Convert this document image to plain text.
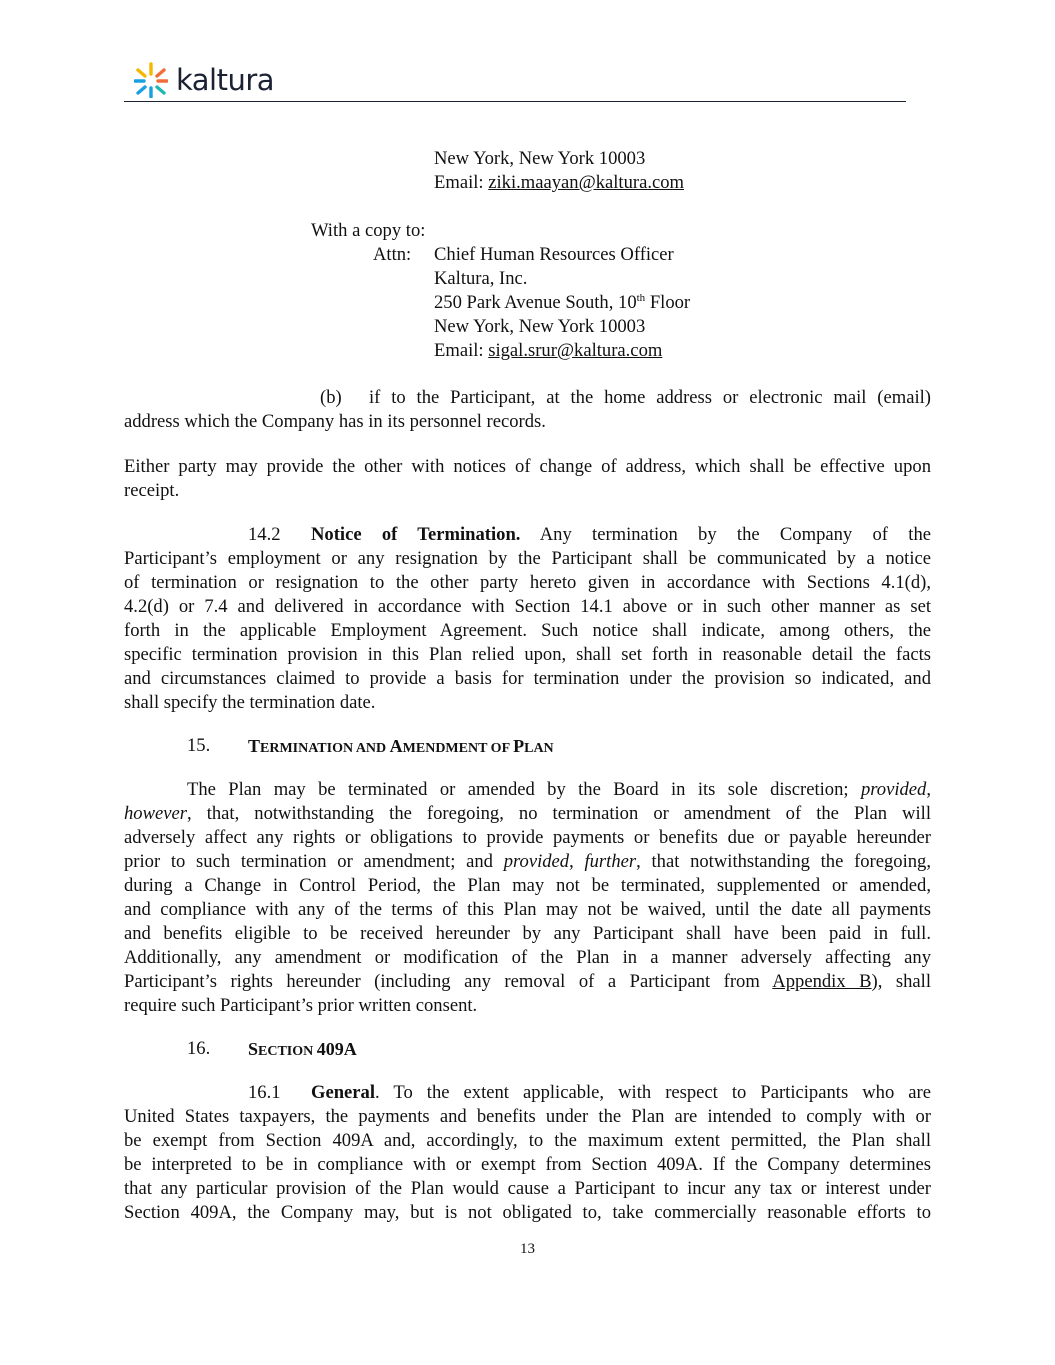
kaltura
New York, New York 10003
Email: ziki.maayan@kaltura.com
With a copy to:
Attn: Chief Human Resources Officer
Kaltura, Inc.
250 Park Avenue South, 10th Floor
New York, New York 10003
Email: sigal.srur@kaltura.com
(b) if to the Participant, at the home address or electronic mail (email)
address which the Company has in its personnel records.
Either party may provide the other with notices of change of address, which shall be effective upon
receipt.
14.2 Notice of Termination. Any termination by the Company of the
Participant’s employment or any resignation by the Participant shall be communicated by a notice
of termination or resignation to the other party hereto given in accordance with Sections 4.1(d),
4.2(d) or 7.4 and delivered in accordance with Section 14.1 above or in such other manner as set
forth in the applicable Employment Agreement. Such notice shall indicate, among others, the
specific termination provision in this Plan relied upon, shall set forth in reasonable detail the facts
and circumstances claimed to provide a basis for termination under the provision so indicated, and
shall specify the termination date.
15. TERMINATION AND AMENDMENT OF PLAN
The Plan may be terminated or amended by the Board in its sole discretion; provided,
however, that, notwithstanding the foregoing, no termination or amendment of the Plan will
adversely affect any rights or obligations to provide payments or benefits due or payable hereunder
prior to such termination or amendment; and provided, further, that notwithstanding the foregoing,
during a Change in Control Period, the Plan may not be terminated, supplemented or amended,
and compliance with any of the terms of this Plan may not be waived, until the date all payments
and benefits eligible to be received hereunder by any Participant shall have been paid in full.
Additionally, any amendment or modification of the Plan in a manner adversely affecting any
Participant’s rights hereunder (including any removal of a Participant from Appendix B), shall
require such Participant’s prior written consent.
16. SECTION 409A
16.1 General. To the extent applicable, with respect to Participants who are
United States taxpayers, the payments and benefits under the Plan are intended to comply with or
be exempt from Section 409A and, accordingly, to the maximum extent permitted, the Plan shall
be interpreted to be in compliance with or exempt from Section 409A. If the Company determines
that any particular provision of the Plan would cause a Participant to incur any tax or interest under
Section 409A, the Company may, but is not obligated to, take commercially reasonable efforts to
13
